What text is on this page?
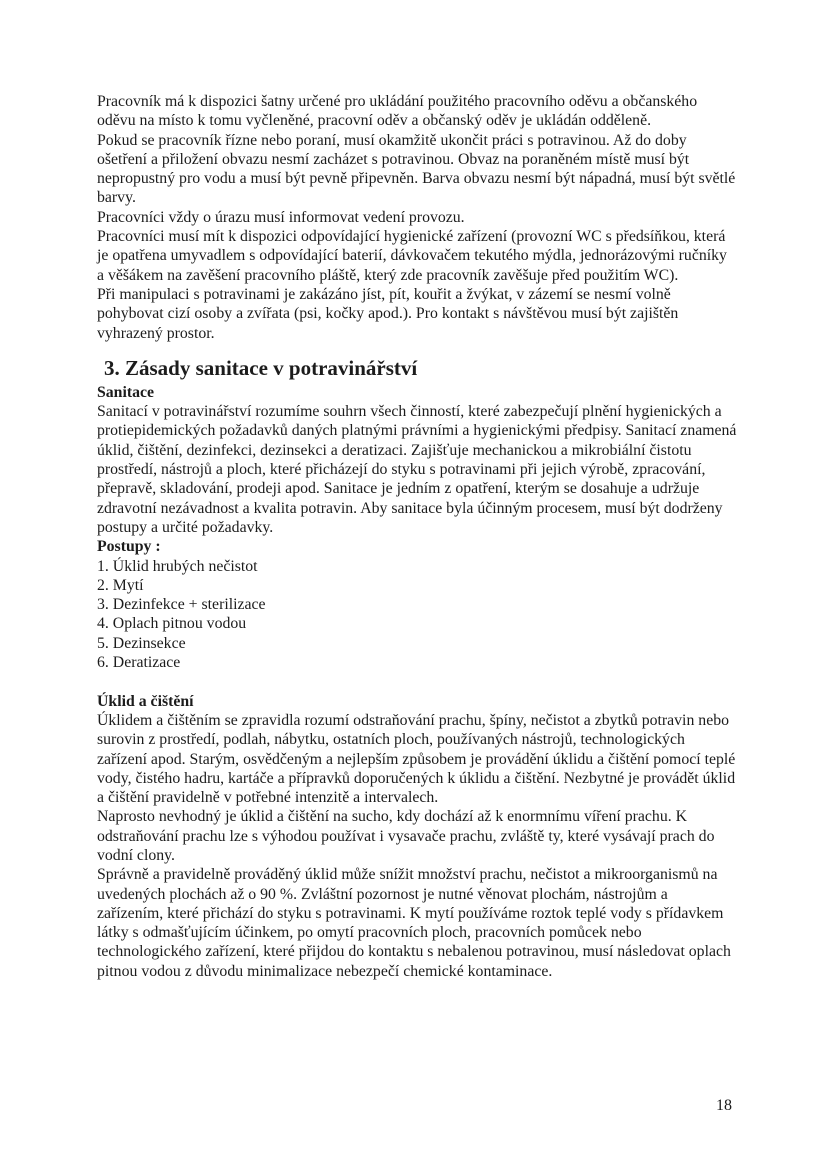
Pracovník má k dispozici šatny určené pro ukládání použitého pracovního oděvu a občanského oděvu na místo k tomu vyčleněné, pracovní oděv a občanský oděv je ukládán odděleně.

Pokud se pracovník řízne nebo poraní, musí okamžitě ukončit práci s potravinou. Až do doby ošetření a přiložení obvazu nesmí zacházet s potravinou. Obvaz na poraněném místě musí být nepropustný pro vodu a musí být pevně připevněn. Barva obvazu nesmí být nápadná, musí být světlé barvy.

Pracovníci vždy o úrazu musí informovat vedení provozu.

Pracovníci musí mít k dispozici odpovídající hygienické zařízení (provozní WC s předsíňkou, která je opatřena umyvadlem s odpovídající baterií, dávkovačem tekutého mýdla, jednorázovými ručníky a věšákem na zavěšení pracovního pláště, který zde pracovník zavěšuje před použitím WC).

Při manipulaci s potravinami je zakázáno jíst, pít, kouřit a žvýkat, v zázemí se nesmí volně pohybovat cizí osoby a zvířata (psi, kočky apod.). Pro kontakt s návštěvou musí být zajištěn vyhrazený prostor.

3. Zásady sanitace v potravinářství

Sanitace

Sanitací v potravinářství rozumíme souhrn všech činností, které zabezpečují plnění hygienických a protiepidemických požadavků daných platnými právními a hygienickými předpisy. Sanitací znamená úklid, čištění, dezinfekci, dezinsekci a deratizaci. Zajišťuje mechanickou a mikrobiální čistotu prostředí, nástrojů a ploch, které přicházejí do styku s potravinami při jejich výrobě, zpracování, přepravě, skladování, prodeji apod. Sanitace je jedním z opatření, kterým se dosahuje a udržuje zdravotní nezávadnost a kvalita potravin. Aby sanitace byla účinným procesem, musí být dodrženy postupy a určité požadavky.

Postupy :

1. Úklid hrubých nečistot

2. Mytí

3. Dezinfekce + sterilizace

4. Oplach pitnou vodou

5. Dezinsekce

6. Deratizace

Úklid a čištění

Úklidem a čištěním se zpravidla rozumí odstraňování prachu, špíny, nečistot a zbytků potravin nebo surovin z prostředí, podlah, nábytku, ostatních ploch, používaných nástrojů, technologických zařízení apod. Starým, osvědčeným a nejlepším způsobem je provádění úklidu a čištění pomocí teplé vody, čistého hadru, kartáče a přípravků doporučených k úklidu a čištění. Nezbytné je provádět úklid a čištění pravidelně v potřebné intenzitě a intervalech.

Naprosto nevhodný je úklid a čištění na sucho, kdy dochází až k enormnímu víření prachu. K odstraňování prachu lze s výhodou používat i vysavače prachu, zvláště ty, které vysávají prach do vodní clony.

Správně a pravidelně prováděný úklid může snížit množství prachu, nečistot a mikroorganismů na uvedených plochách až o 90 %. Zvláštní pozornost je nutné věnovat plochám, nástrojům a zařízením, které přichází do styku s potravinami. K mytí používáme roztok teplé vody s přídavkem látky s odmašťujícím účinkem, po omytí pracovních ploch, pracovních pomůcek nebo technologického zařízení, které přijdou do kontaktu s nebalenou potravinou, musí následovat oplach pitnou vodou z důvodu minimalizace nebezpečí chemické kontaminace.

18
